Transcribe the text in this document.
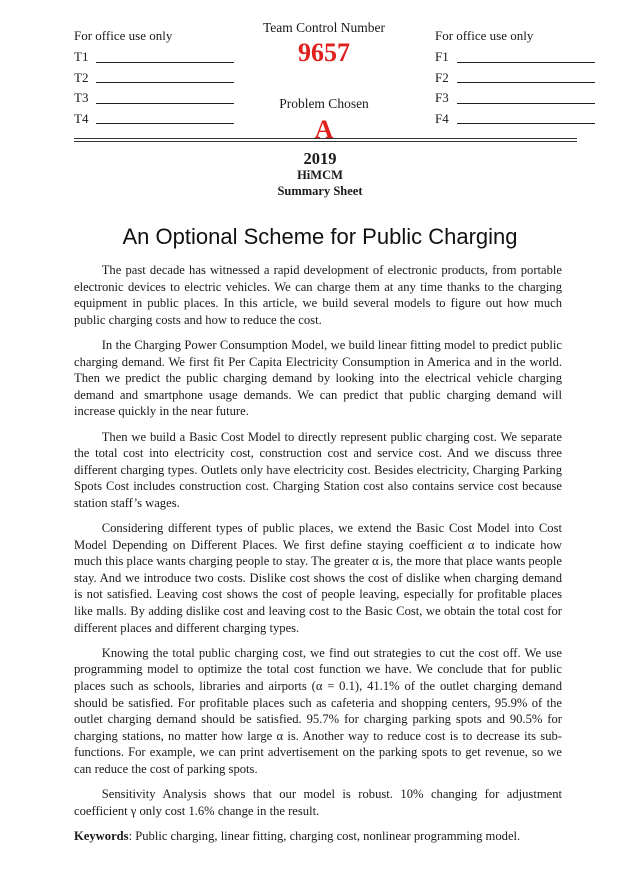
For office use only
T1
T2
T3
T4
Team Control Number
9657
Problem Chosen
A
For office use only
F1
F2
F3
F4
2019
HiMCM
Summary Sheet
An Optional Scheme for Public Charging

The past decade has witnessed a rapid development of electronic products, from portable electronic devices to electric vehicles. We can charge them at any time thanks to the charging equipment in public places. In this article, we build several models to figure out how much public charging costs and how to reduce the cost.

In the Charging Power Consumption Model, we build linear fitting model to predict public charging demand. We first fit Per Capita Electricity Consumption in America and in the world. Then we predict the public charging demand by looking into the electrical vehicle charging demand and smartphone usage demands. We can predict that public charging demand will increase quickly in the near future.

Then we build a Basic Cost Model to directly represent public charging cost. We separate the total cost into electricity cost, construction cost and service cost. And we discuss three different charging types. Outlets only have electricity cost. Besides electricity, Charging Parking Spots Cost includes construction cost. Charging Station cost also contains service cost because station staff’s wages.

Considering different types of public places, we extend the Basic Cost Model into Cost Model Depending on Different Places. We first define staying coefficient α to indicate how much this place wants charging people to stay. The greater α is, the more that place wants people stay. And we introduce two costs. Dislike cost shows the cost of dislike when charging demand is not satisfied. Leaving cost shows the cost of people leaving, especially for profitable places like malls. By adding dislike cost and leaving cost to the Basic Cost, we obtain the total cost for different places and different charging types.

Knowing the total public charging cost, we find out strategies to cut the cost off. We use programming model to optimize the total cost function we have. We conclude that for public places such as schools, libraries and airports (α = 0.1), 41.1% of the outlet charging demand should be satisfied. For profitable places such as cafeteria and shopping centers, 95.9% of the outlet charging demand should be satisfied. 95.7% for charging parking spots and 90.5% for charging stations, no matter how large α is. Another way to reduce cost is to decrease its sub-functions. For example, we can print advertisement on the parking spots to get revenue, so we can reduce the cost of parking spots.

Sensitivity Analysis shows that our model is robust. 10% changing for adjustment coefficient γ only cost 1.6% change in the result.

Keywords: Public charging, linear fitting, charging cost, nonlinear programming model.
